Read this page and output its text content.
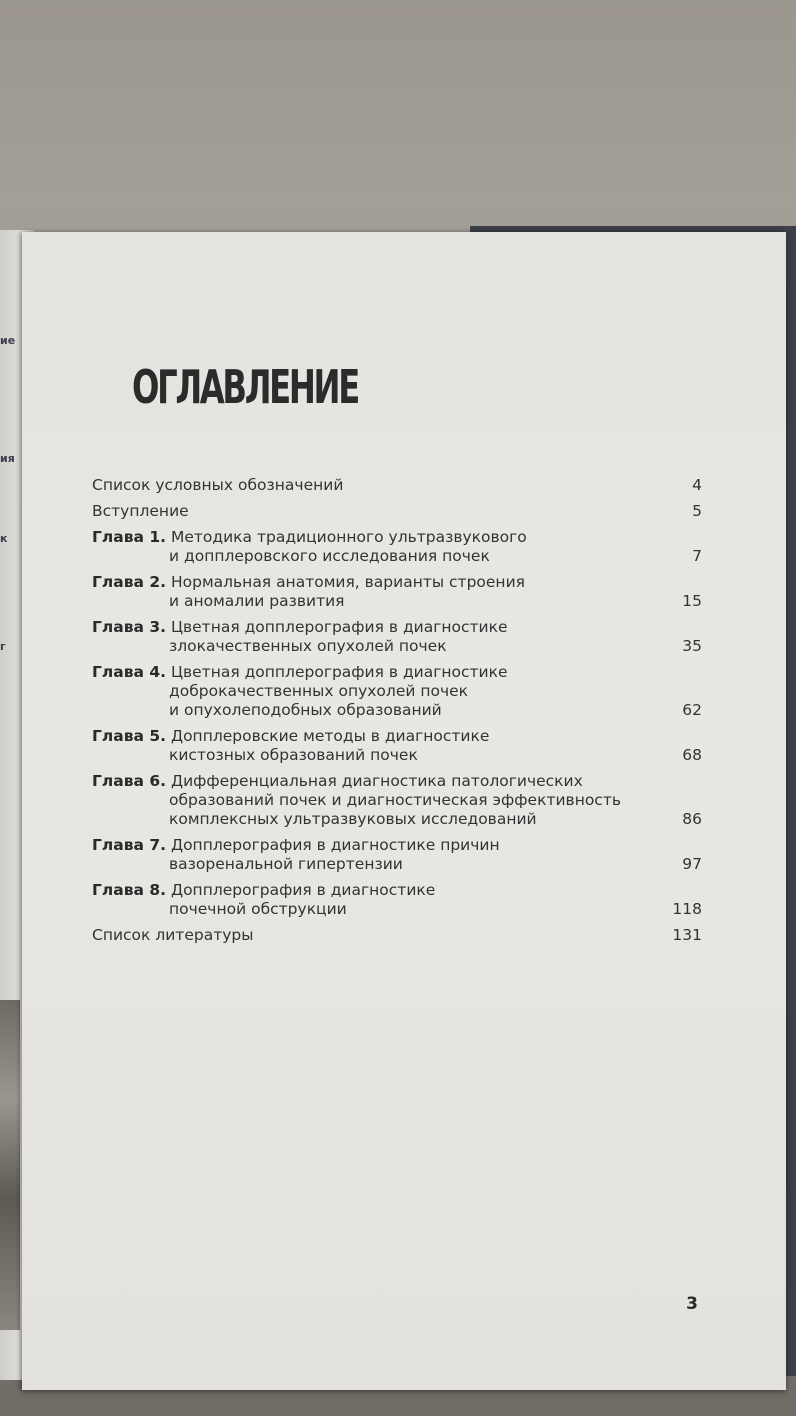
ие
ия
к
г
ОГЛАВЛЕНИЕ
Список условных обозначений	4
Вступление	5
Глава 1. Методика традиционного ультразвукового
и допплеровского исследования почек	7
Глава 2. Нормальная анатомия, варианты строения
и аномалии развития	15
Глава 3. Цветная допплерография в диагностике
злокачественных опухолей почек	35
Глава 4. Цветная допплерография в диагностике
доброкачественных опухолей почек
и опухолеподобных образований	62
Глава 5. Допплеровские методы в диагностике
кистозных образований почек	68
Глава 6. Дифференциальная диагностика патологических
образований почек и диагностическая эффективность
комплексных ультразвуковых исследований	86
Глава 7. Допплерография в диагностике причин
вазоренальной гипертензии	97
Глава 8. Допплерография в диагностике
почечной обструкции	118
Список литературы	131
3
